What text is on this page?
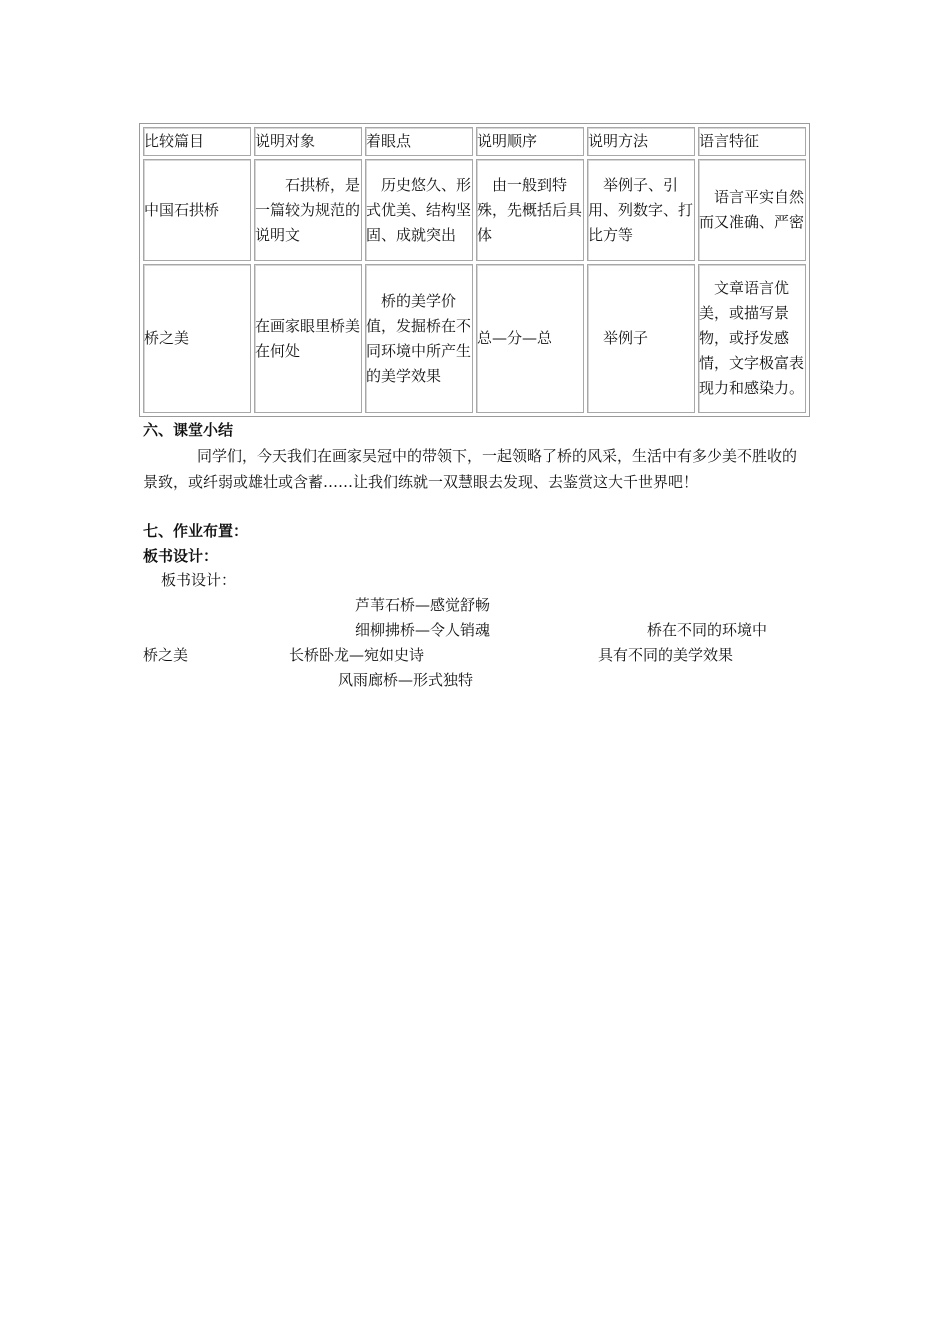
比较篇目	说明对象	着眼点	说明顺序	说明方法	语言特征
中国石拱桥	石拱桥，是一篇较为规范的说明文	历史悠久、形式优美、结构坚固、成就突出	由一般到特殊，先概括后具体	举例子、引用、列数字、打比方等	语言平实自然而又准确、严密
桥之美	在画家眼里桥美在何处	桥的美学价值，发掘桥在不同环境中所产生的美学效果	总—分—总	举例子	文章语言优美，或描写景物，或抒发感情，文字极富表现力和感染力。
六、课堂小结
同学们，今天我们在画家吴冠中的带领下，一起领略了桥的风采，生活中有多少美不胜收的景致，或纤弱或雄壮或含蓄……让我们练就一双慧眼去发现、去鉴赏这大千世界吧！
七、作业布置：
板书设计：
板书设计：
芦苇石桥—感觉舒畅
细柳拂桥—令人销魂	桥在不同的环境中
桥之美	长桥卧龙—宛如史诗	具有不同的美学效果
风雨廊桥—形式独特
